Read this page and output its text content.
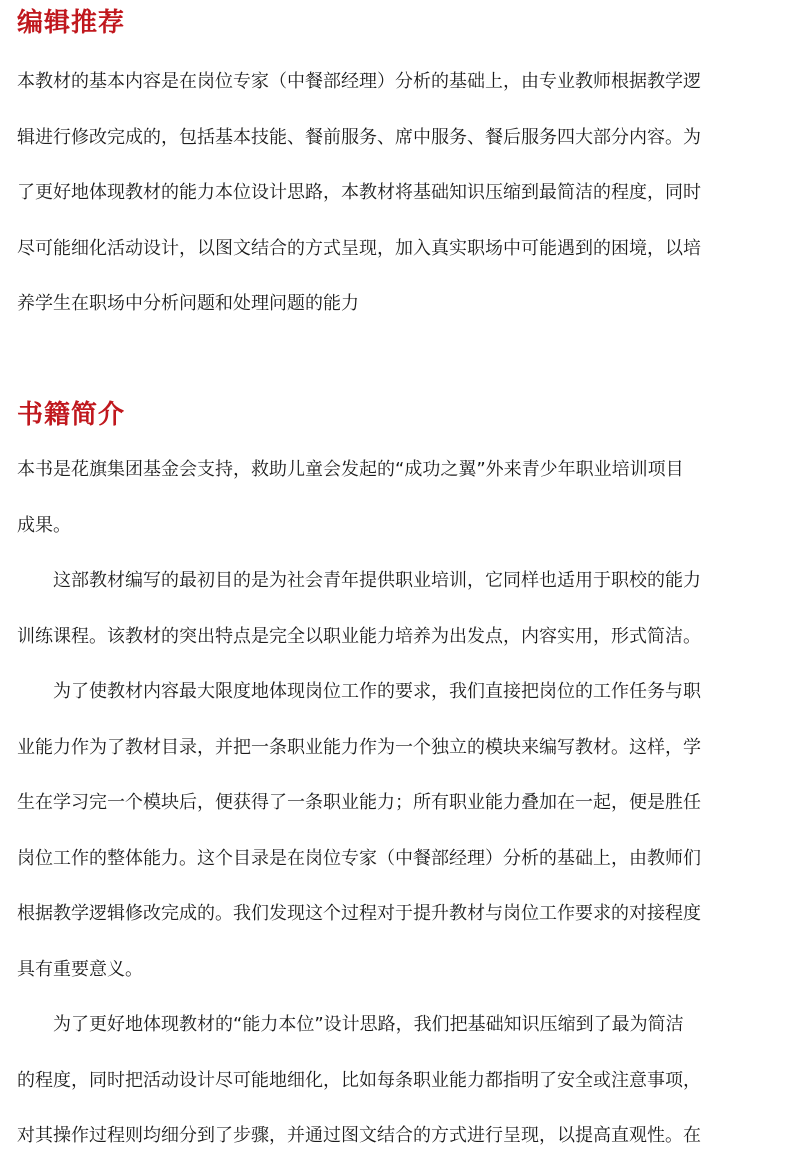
编辑推荐
本教材的基本内容是在岗位专家（中餐部经理）分析的基础上，由专业教师根据教学逻
辑进行修改完成的，包括基本技能、餐前服务、席中服务、餐后服务四大部分内容。为
了更好地体现教材的能力本位设计思路，本教材将基础知识压缩到最简洁的程度，同时
尽可能细化活动设计，以图文结合的方式呈现，加入真实职场中可能遇到的困境，以培
养学生在职场中分析问题和处理问题的能力
书籍简介
本书是花旗集团基金会支持，救助儿童会发起的“成功之翼”外来青少年职业培训项目
成果。
　　这部教材编写的最初目的是为社会青年提供职业培训，它同样也适用于职校的能力
训练课程。该教材的突出特点是完全以职业能力培养为出发点，内容实用，形式简洁。
　　为了使教材内容最大限度地体现岗位工作的要求，我们直接把岗位的工作任务与职
业能力作为了教材目录，并把一条职业能力作为一个独立的模块来编写教材。这样，学
生在学习完一个模块后，便获得了一条职业能力；所有职业能力叠加在一起，便是胜任
岗位工作的整体能力。这个目录是在岗位专家（中餐部经理）分析的基础上，由教师们
根据教学逻辑修改完成的。我们发现这个过程对于提升教材与岗位工作要求的对接程度
具有重要意义。
　　为了更好地体现教材的“能力本位”设计思路，我们把基础知识压缩到了最为简洁
的程度，同时把活动设计尽可能地细化，比如每条职业能力都指明了安全或注意事项，
对其操作过程则均细分到了步骤，并通过图文结合的方式进行呈现，以提高直观性。在
